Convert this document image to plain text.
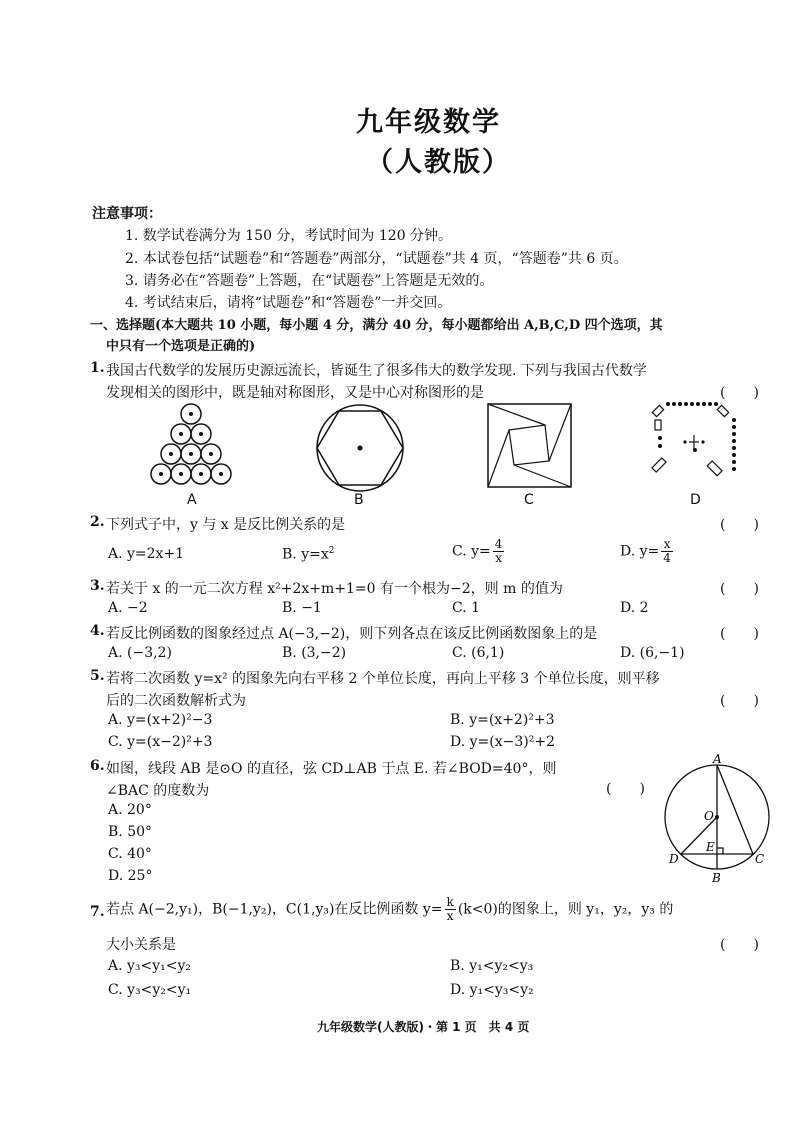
九年级数学
（人教版）
注意事项：
1. 数学试卷满分为 150 分，考试时间为 120 分钟。
2. 本试卷包括“试题卷”和“答题卷”两部分，“试题卷”共 4 页，“答题卷”共 6 页。
3. 请务必在“答题卷”上答题，在“试题卷”上答题是无效的。
4. 考试结束后，请将“试题卷”和“答题卷”一并交回。
一、选择题(本大题共 10 小题，每小题 4 分，满分 40 分，每小题都给出 A,B,C,D 四个选项，其
中只有一个选项是正确的)
1. 我国古代数学的发展历史源远流长，皆诞生了很多伟大的数学发现. 下列与我国古代数学
发现相关的图形中，既是轴对称图形，又是中心对称图形的是	(　　)
A	B	C	D
2. 下列式子中，y 与 x 是反比例关系的是	(　　)
A. y=2x+1	B. $y=x^2$	C. $y= \frac{4}{x}$	D. $y= \frac{x}{4}$
3. 若关于 x 的一元二次方程 x²+2x+m+1=0 有一个根为−2，则 m 的值为	(　　)
A. −2	B. −1	C. 1	D. 2
4. 若反比例函数的图象经过点 A(−3,−2)，则下列各点在该反比例函数图象上的是	(　　)
A. (−3,2)	B. (3,−2)	C. (6,1)	D. (6,−1)
5. 若将二次函数 y=x² 的图象先向右平移 2 个单位长度，再向上平移 3 个单位长度，则平移
后的二次函数解析式为	(　　)
A. y=(x+2)²−3	B. y=(x+2)²+3
C. y=(x−2)²+3	D. y=(x−3)²+2
6. 如图，线段 AB 是⊙O 的直径，弦 CD⊥AB 于点 E. 若∠BOD=40°，则
∠BAC 的度数为	(　　)
A. 20°
B. 50°
C. 40°
D. 25°
A
O
E
D	C
B
7. 若点 A(−2,y₁)，B(−1,y₂)，C(1,y₃)在反比例函数 $y= \frac{k}{x} (k<0)$的图象上，则 y₁，y₂，y₃ 的
大小关系是	(　　)
A. y₃<y₁<y₂	B. y₁<y₂<y₃
C. y₃<y₂<y₁	D. y₁<y₃<y₂
九年级数学(人教版)・第 1 页　共 4 页
